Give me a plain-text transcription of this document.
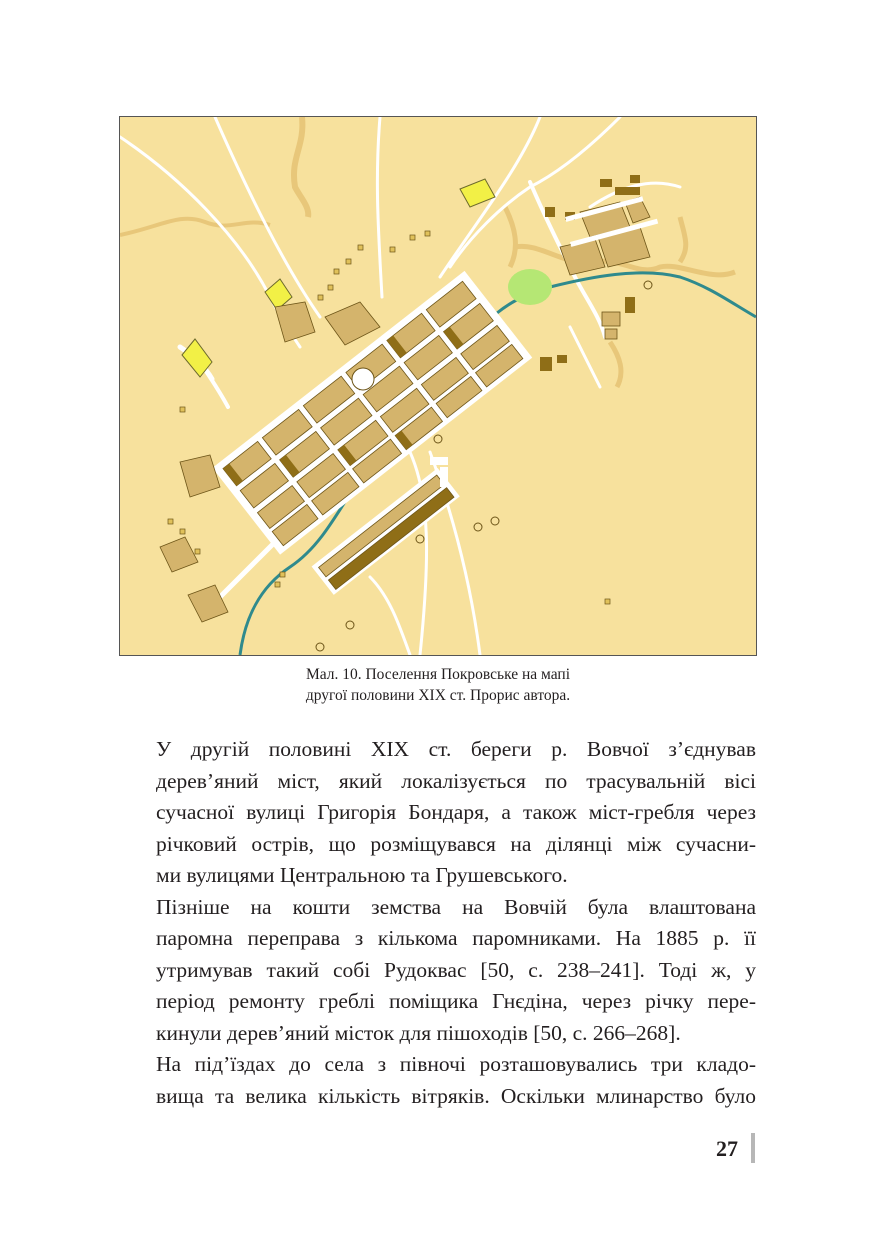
Мал. 10. Поселення Покровське на мапі
другої половини XIX ст. Прорис автора.

У другій половині XIX ст. береги р. Вовчої з’єднував
дерев’яний міст, який локалізується по трасувальній вісі
сучасної вулиці Григорія Бондаря, а також міст-гребля через
річковий острів, що розміщувався на ділянці між сучасни-
ми вулицями Центральною та Грушевського.

Пізніше на кошти земства на Вовчій була влаштована
паромна переправа з кількома паромниками. На 1885 р. її
утримував такий собі Рудоквас [50, с. 238–241]. Тоді ж, у
період ремонту греблі поміщика Гнєдіна, через річку пере-
кинули дерев’яний місток для пішоходів [50, с. 266–268].

На під’їздах до села з півночі розташовувались три кладо-
вища та велика кількість вітряків. Оскільки млинарство було

27
